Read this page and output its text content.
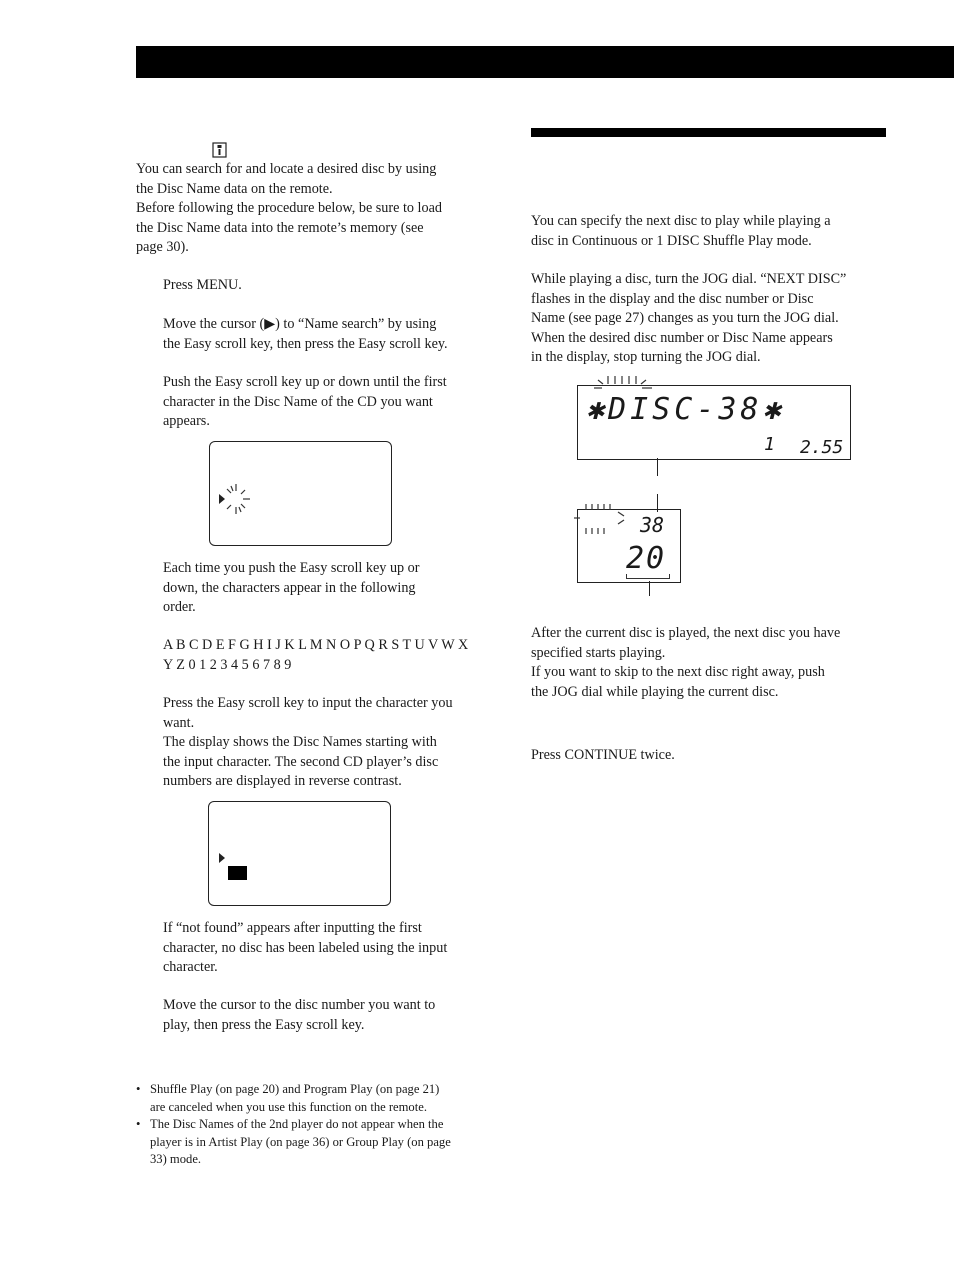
You can search for and locate a desired disc by using

the Disc Name data on the remote.

Before following the procedure below, be sure to load

the Disc Name data into the remote’s memory (see

page 30).

Press MENU.

Move the cursor (▶) to “Name search” by using

the Easy scroll key, then press the Easy scroll key.

Push the Easy scroll key up or down until the first

character in the Disc Name of the CD you want

appears.

Each time you push the Easy scroll key up or

down, the characters appear in the following

order.

A B C D E F G H I J K L M N O P Q R S T U V W X

Y Z 0 1 2 3 4 5 6 7 8 9

Press the Easy scroll key to input the character you

want.

The display shows the Disc Names starting with

the input character. The second CD player’s disc

numbers are displayed in reverse contrast.

If “not found” appears after inputting the first

character, no disc has been labeled using the input

character.

Move the cursor to the disc number you want to

play, then press the Easy scroll key.

• Shuffle Play (on page 20) and Program Play (on page 21)
are canceled when you use this function on the remote.
• The Disc Names of the 2nd player do not appear when the
player is in Artist Play (on page 36) or Group Play (on page
33) mode.

You can specify the next disc to play while playing a

disc in Continuous or 1 DISC Shuffle Play mode.

While playing a disc, turn the JOG dial. “NEXT DISC”

flashes in the display and the disc number or Disc

Name (see page 27) changes as you turn the JOG dial.

When the desired disc number or Disc Name appears

in the display, stop turning the JOG dial.

✱DISC-38✱
1 2.55
38
20

After the current disc is played, the next disc you have

specified starts playing.

If you want to skip to the next disc right away, push

the JOG dial while playing the current disc.

Press CONTINUE twice.
